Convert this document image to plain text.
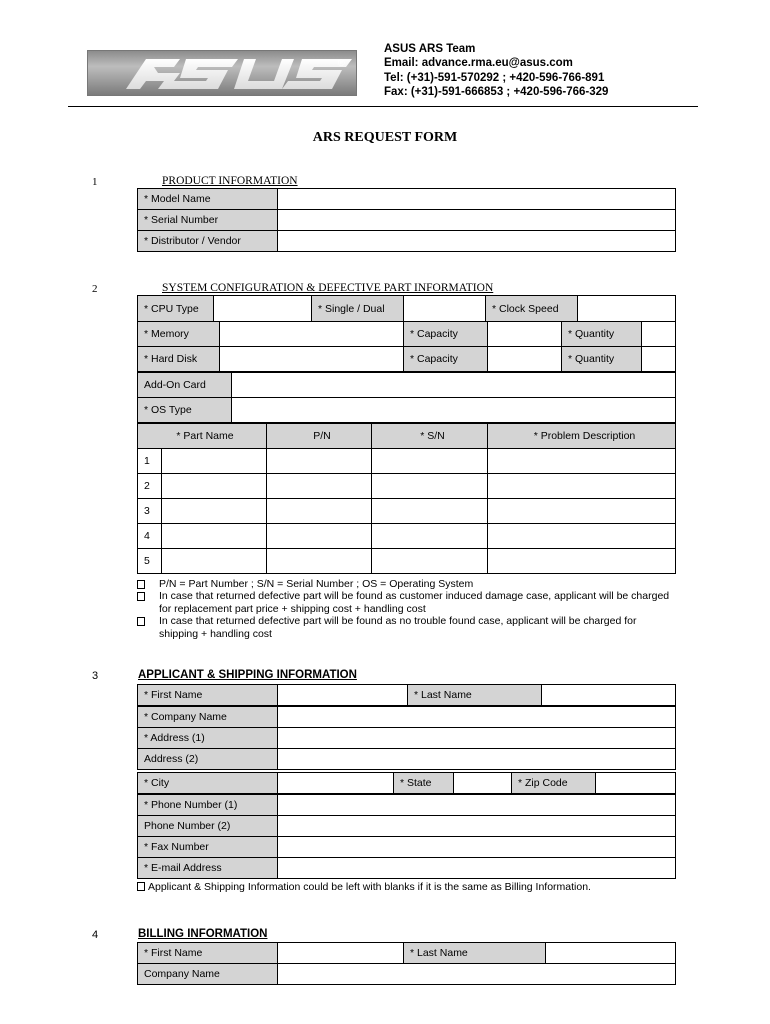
®
ASUS ARS Team
Email: advance.rma.eu@asus.com
Tel: (+31)-591-570292 ; +420-596-766-891
Fax: (+31)-591-666853 ; +420-596-766-329
ARS REQUEST FORM
1	PRODUCT INFORMATION
* Model Name	
* Serial Number	
* Distributor / Vendor	
2	SYSTEM CONFIGURATION & DEFECTIVE PART INFORMATION
* CPU Type		* Single / Dual		* Clock Speed	
* Memory		* Capacity		* Quantity	
* Hard Disk		* Capacity		* Quantity	
Add-On Card	
* OS Type	
* Part Name		P/N	* S/N	* Problem Description
1				
2				
3				
4				
5				
P/N = Part Number ; S/N = Serial Number ; OS = Operating System
In case that returned defective part will be found as customer induced damage case, applicant will be charged for replacement part price + shipping cost + handling cost
In case that returned defective part will be found as no trouble found case, applicant will be charged for shipping + handling cost
3	APPLICANT & SHIPPING INFORMATION
* First Name		* Last Name	
* Company Name	
* Address (1)	
Address (2)	
* City		* State		* Zip Code	
* Phone Number (1)	
Phone Number (2)	
* Fax Number	
* E-mail Address	
Applicant & Shipping Information could be left with blanks if it is the same as Billing Information.
4	BILLING INFORMATION
* First Name		* Last Name	
Company Name	
